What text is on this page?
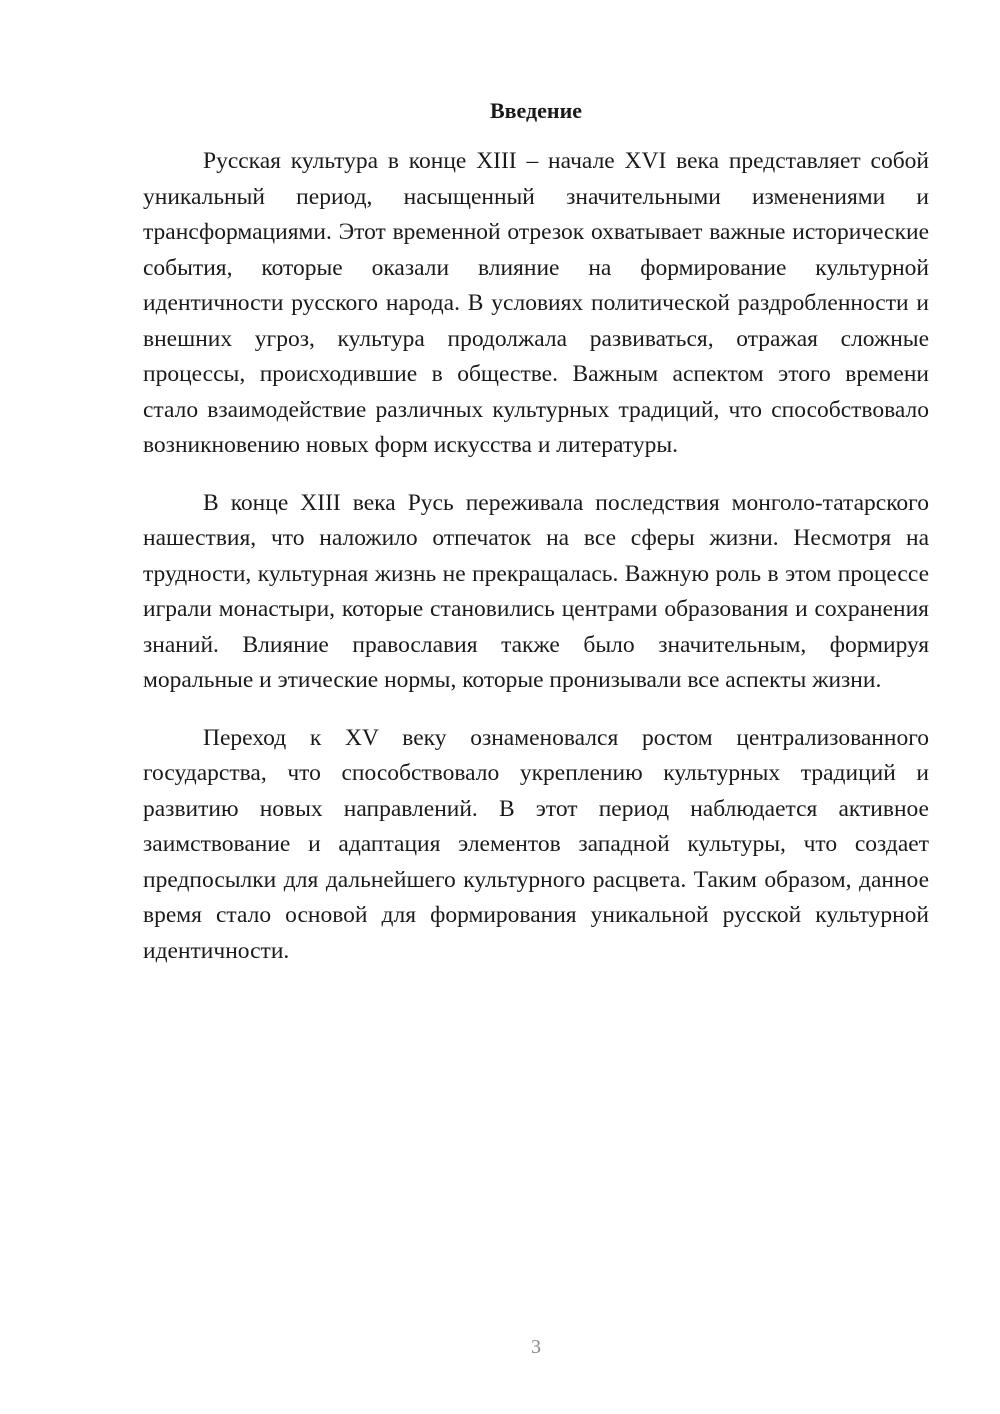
Введение

Русская культура в конце XIII – начале XVI века представляет собой уникальный период, насыщенный значительными изменениями и трансформациями. Этот временной отрезок охватывает важные исторические события, которые оказали влияние на формирование культурной идентичности русского народа. В условиях политической раздробленности и внешних угроз, культура продолжала развиваться, отражая сложные процессы, происходившие в обществе. Важным аспектом этого времени стало взаимодействие различных культурных традиций, что способствовало возникновению новых форм искусства и литературы.

В конце XIII века Русь переживала последствия монголо-татарского нашествия, что наложило отпечаток на все сферы жизни. Несмотря на трудности, культурная жизнь не прекращалась. Важную роль в этом процессе играли монастыри, которые становились центрами образования и сохранения знаний. Влияние православия также было значительным, формируя моральные и этические нормы, которые пронизывали все аспекты жизни.

Переход к XV веку ознаменовался ростом централизованного государства, что способствовало укреплению культурных традиций и развитию новых направлений. В этот период наблюдается активное заимствование и адаптация элементов западной культуры, что создает предпосылки для дальнейшего культурного расцвета. Таким образом, данное время стало основой для формирования уникальной русской культурной идентичности.

3
